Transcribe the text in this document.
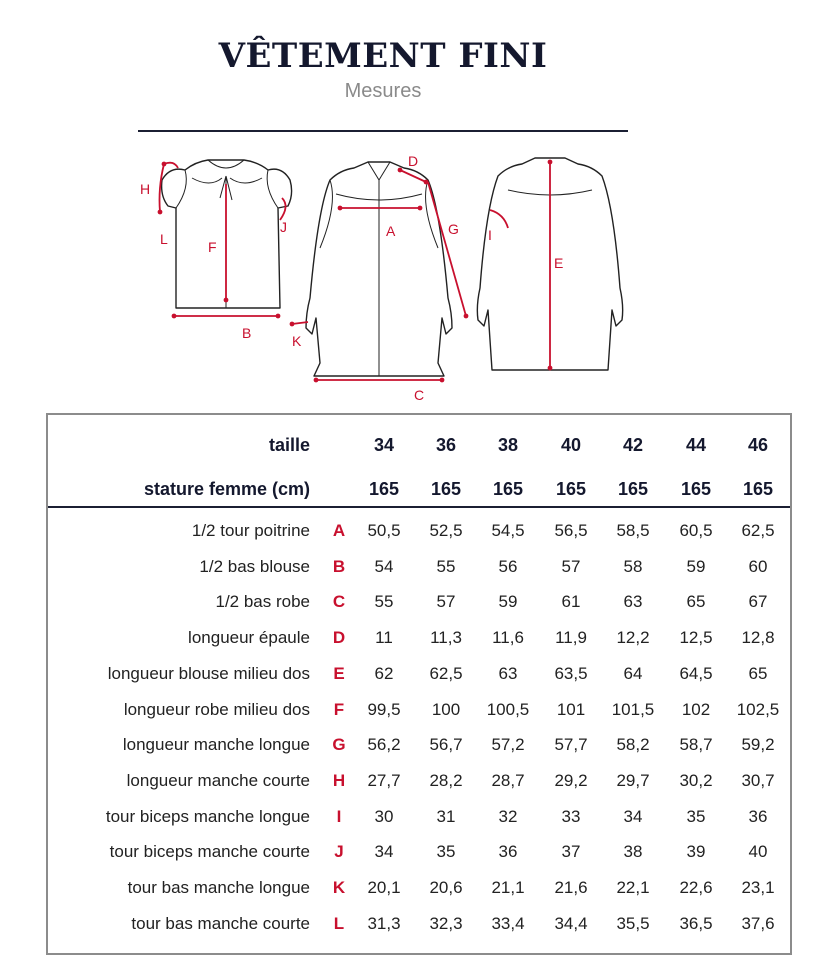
VÊTEMENT FINI
Mesures
H
L	F
B
J	A
D
G
K
C
I
E
taille	34	36	38	40	42	44	46
stature femme (cm)	165	165	165	165	165	165	165
1/2 tour poitrine A	50,5	52,5	54,5	56,5	58,5	60,5	62,5
1/2 bas blouse B	54	55	56	57	58	59	60
1/2 bas robe C	55	57	59	61	63	65	67
longueur épaule D	11	11,3	11,6	11,9	12,2	12,5	12,8
longueur blouse milieu dos E	62	62,5	63	63,5	64	64,5	65
longueur robe milieu dos F	99,5	100	100,5	101	101,5	102	102,5
longueur manche longue G	56,2	56,7	57,2	57,7	58,2	58,7	59,2
longueur manche courte H	27,7	28,2	28,7	29,2	29,7	30,2	30,7
tour biceps manche longue	I	30	31	32	33	34	35	36
tour biceps manche courte J	34	35	36	37	38	39	40
tour bas manche longue K	20,1	20,6	21,1	21,6	22,1	22,6	23,1
tour bas manche courte L	31,3	32,3	33,4	34,4	35,5	36,5	37,6
